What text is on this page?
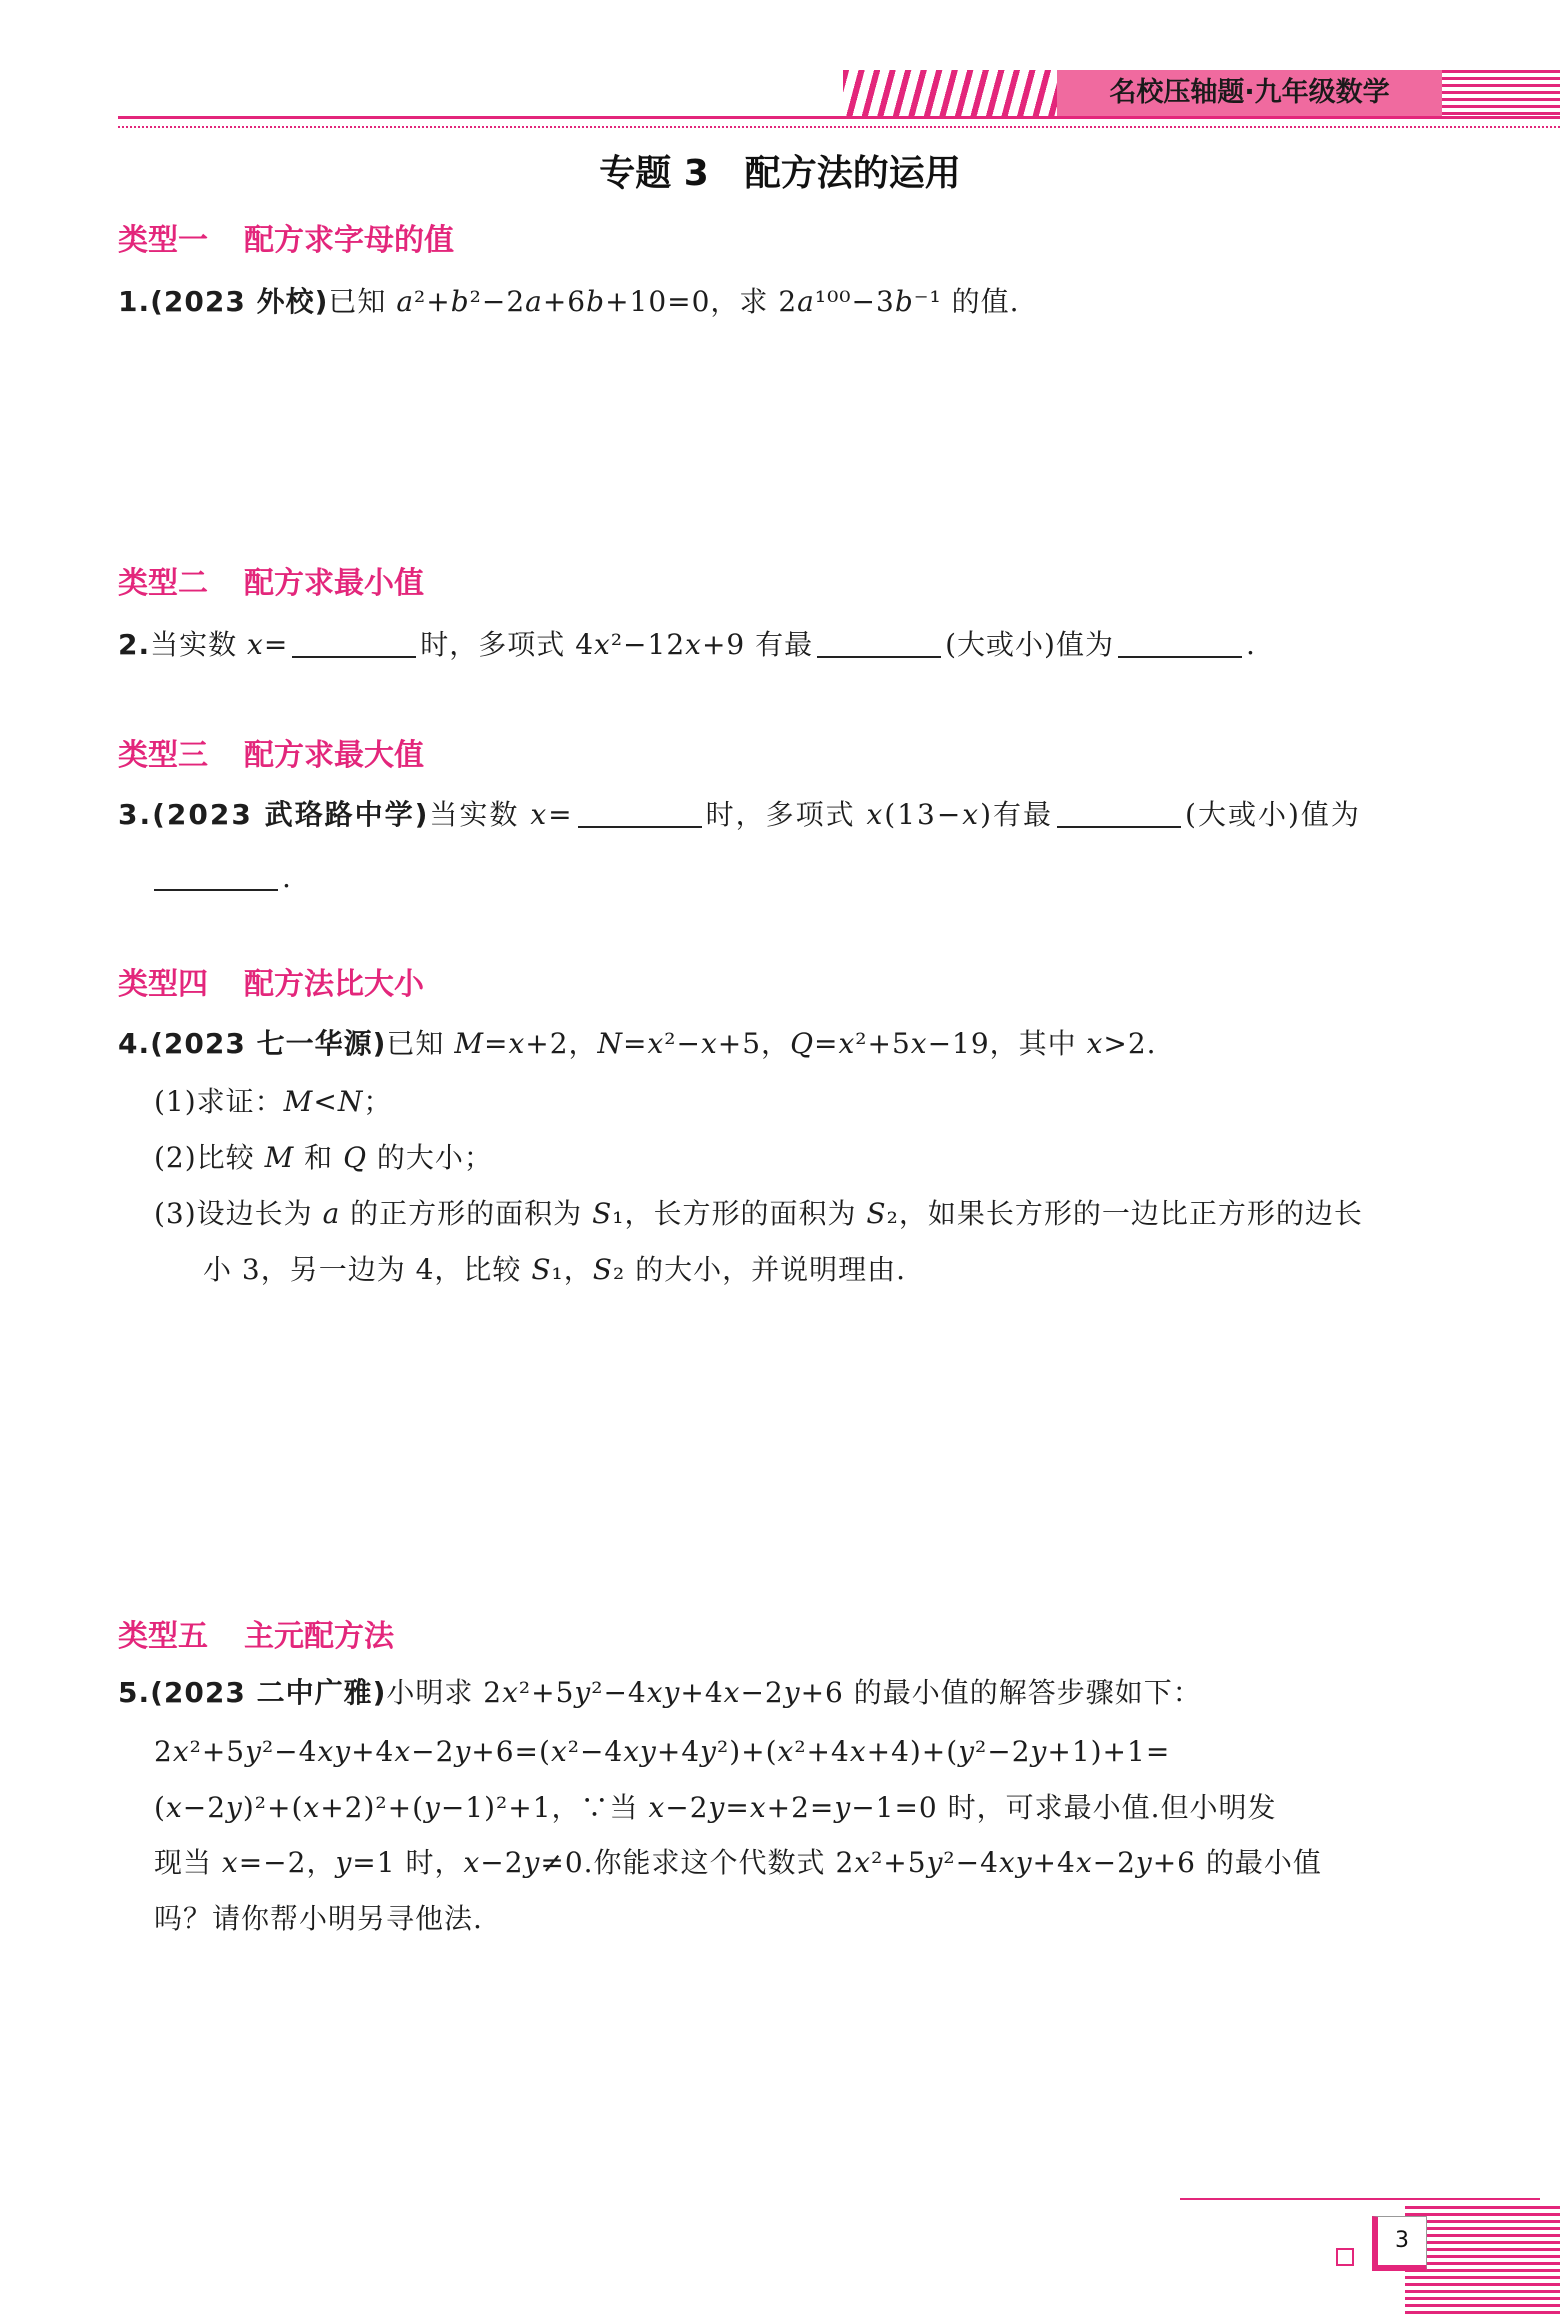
名校压轴题·九年级数学
专题 3　配方法的运用
类型一 配方求字母的值
1.(2023 外校)已知 a²+b²−2a+6b+10=0，求 2a¹⁰⁰−3b⁻¹ 的值.
类型二 配方求最小值
2.当实数 x=	时，多项式 4x²−12x+9 有最	(大或小)值为	.
类型三 配方求最大值
3.(2023 武珞路中学)当实数 x=	时，多项式 x(13−x)有最	(大或小)值为
.
类型四 配方法比大小
4.(2023 七一华源)已知 M=x+2，N=x²−x+5，Q=x²+5x−19，其中 x>2.
(1)求证：M<N；
(2)比较 M 和 Q 的大小；
(3)设边长为 a 的正方形的面积为 S₁，长方形的面积为 S₂，如果长方形的一边比正方形的边长
小 3，另一边为 4，比较 S₁，S₂ 的大小，并说明理由.
类型五 主元配方法
5.(2023 二中广雅)小明求 2x²+5y²−4xy+4x−2y+6 的最小值的解答步骤如下：
2x²+5y²−4xy+4x−2y+6=(x²−4xy+4y²)+(x²+4x+4)+(y²−2y+1)+1=
(x−2y)²+(x+2)²+(y−1)²+1，∵当 x−2y=x+2=y−1=0 时，可求最小值.但小明发
现当 x=−2，y=1 时，x−2y≠0.你能求这个代数式 2x²+5y²−4xy+4x−2y+6 的最小值
吗？请你帮小明另寻他法.
3
